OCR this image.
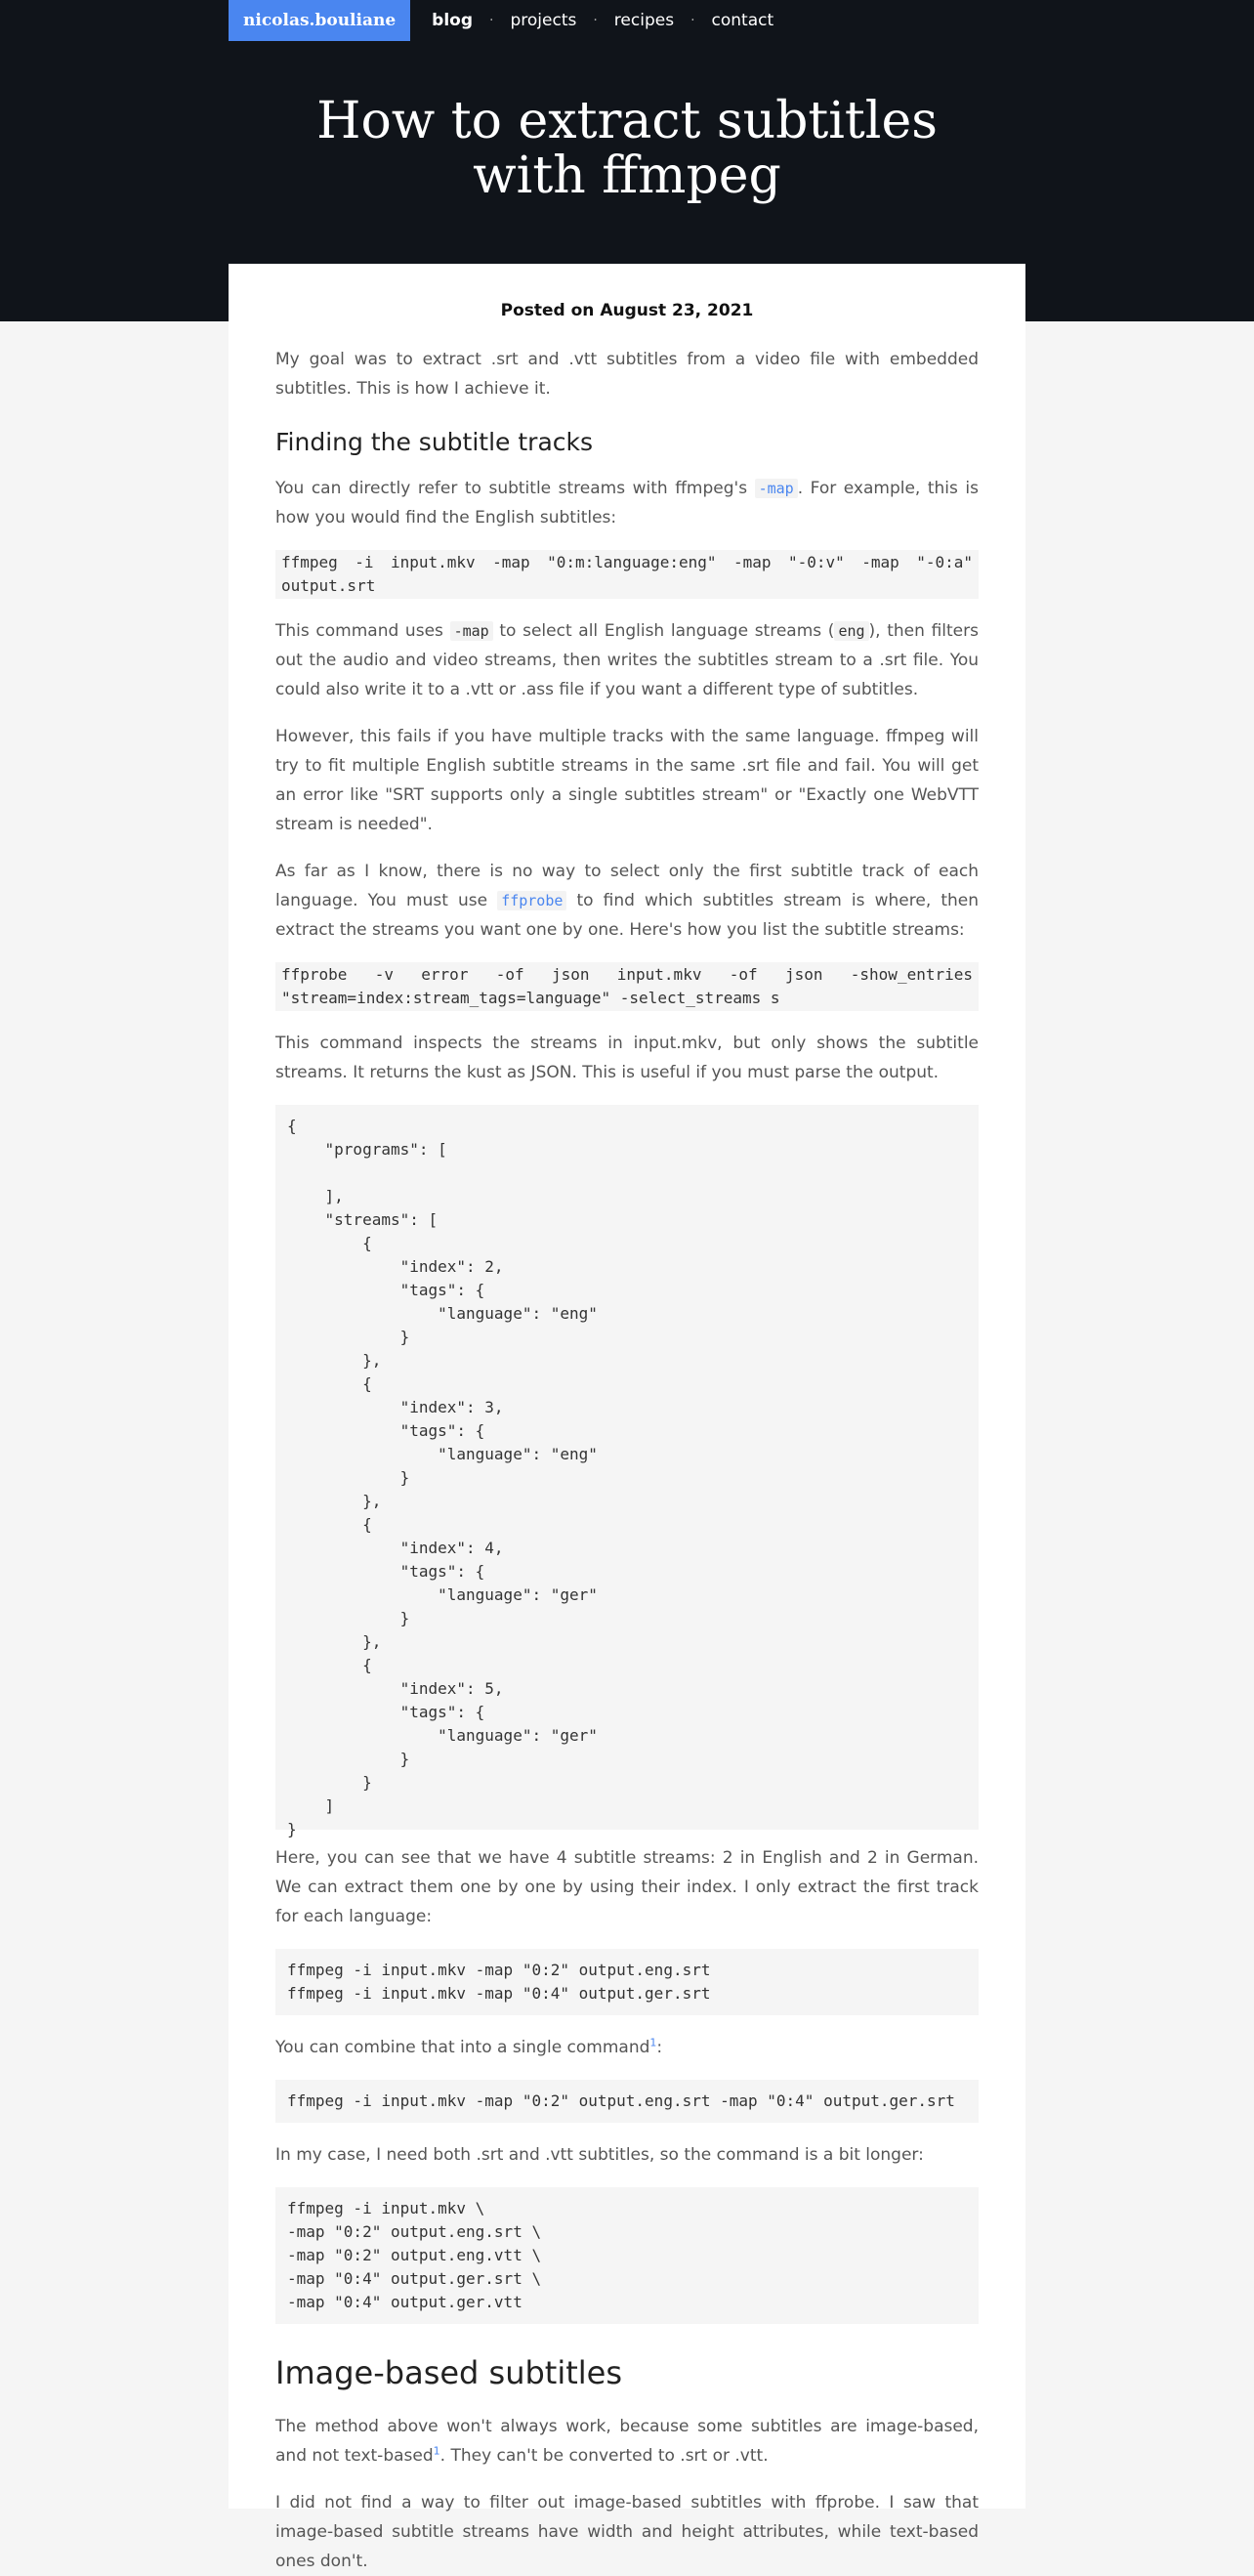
nicolas.bouliane	blog · projects · recipes · contact
How to extract subtitles
with ffmpeg
Posted on August 23, 2021

My goal was to extract .srt and .vtt subtitles from a video file with embedded subtitles. This is how I achieve it.

Finding the subtitle tracks

You can directly refer to subtitle streams with ffmpeg's -map . For example, this is how you would find the English subtitles:

ffmpeg -i input.mkv -map "0:m:language:eng" -map "-0:v" -map "-0:a" output.srt

This command uses -map to select all English language streams ( eng ), then filters out the audio and video streams, then writes the subtitles stream to a .srt file. You could also write it to a .vtt or .ass file if you want a different type of subtitles.

However, this fails if you have multiple tracks with the same language. ffmpeg will try to fit multiple English subtitle streams in the same .srt file and fail. You will get an error like "SRT supports only a single subtitles stream" or "Exactly one WebVTT stream is needed".

As far as I know, there is no way to select only the first subtitle track of each language. You must use ffprobe to find which subtitles stream is where, then extract the streams you want one by one. Here's how you list the subtitle streams:

ffprobe -v error -of json input.mkv -of json -show_entries "stream=index:stream_tags=language" -select_streams s

This command inspects the streams in input.mkv, but only shows the subtitle streams. It returns the kust as JSON. This is useful if you must parse the output.

{
"programs": [

],
"streams": [
{
"index": 2,
"tags": {
"language": "eng"
}
},
{
"index": 3,
"tags": {
"language": "eng"
}
},
{
"index": 4,
"tags": {
"language": "ger"
}
},
{
"index": 5,
"tags": {
"language": "ger"
}
}
]
}

Here, you can see that we have 4 subtitle streams: 2 in English and 2 in German. We can extract them one by one by using their index. I only extract the first track for each language:

ffmpeg -i input.mkv -map "0:2" output.eng.srt
ffmpeg -i input.mkv -map "0:4" output.ger.srt

You can combine that into a single command$^1$:

ffmpeg -i input.mkv -map "0:2" output.eng.srt -map "0:4" output.ger.srt

In my case, I need both .srt and .vtt subtitles, so the command is a bit longer:

ffmpeg -i input.mkv \
-map "0:2" output.eng.srt \
-map "0:2" output.eng.vtt \
-map "0:4" output.ger.srt \
-map "0:4" output.ger.vtt
Image-based subtitles

The method above won't always work, because some subtitles are image-based, and not text-based$^1$. They can't be converted to .srt or .vtt.

I did not find a way to filter out image-based subtitles with ffprobe. I saw that image-based subtitle streams have width and height attributes, while text-based ones don't.
